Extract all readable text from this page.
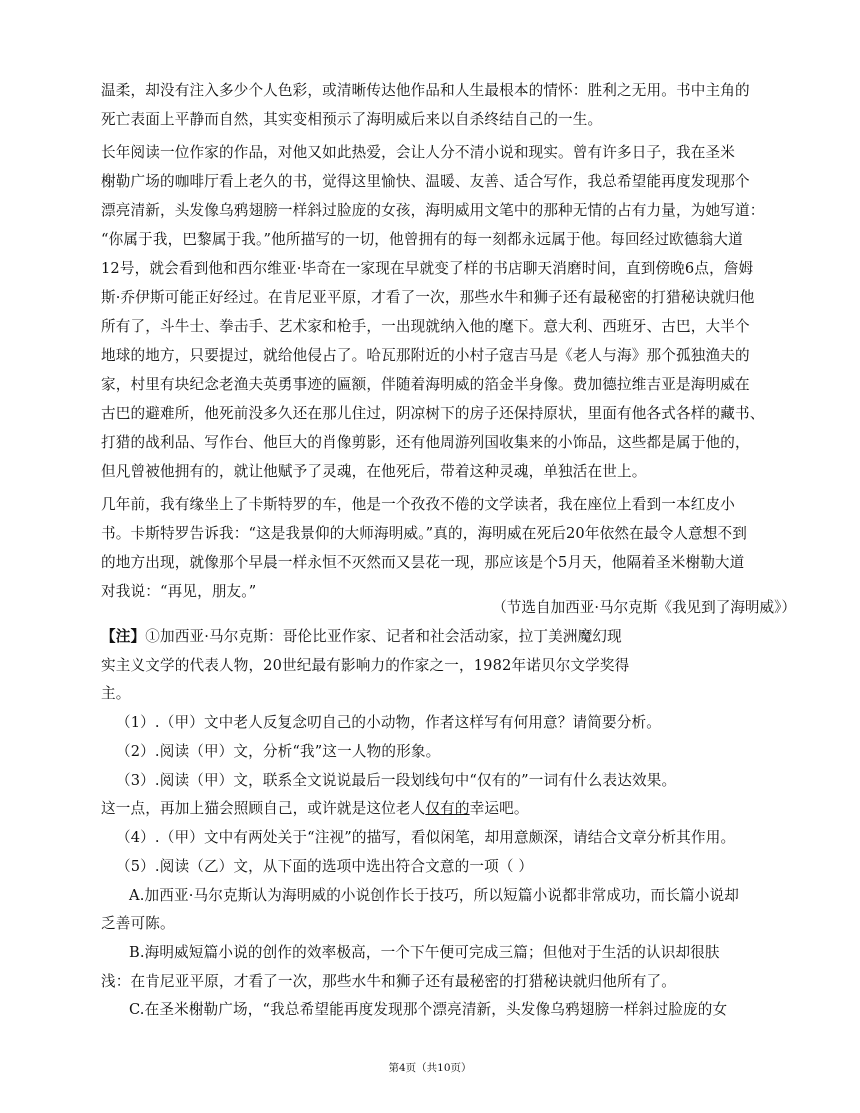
温柔，却没有注入多少个人色彩，或清晰传达他作品和人生最根本的情怀：胜利之无用。书中主角的
死亡表面上平静而自然，其实变相预示了海明威后来以自杀终结自己的一生。
长年阅读一位作家的作品，对他又如此热爱，会让人分不清小说和现实。曾有许多日子，我在圣米
榭勒广场的咖啡厅看上老久的书，觉得这里愉快、温暖、友善、适合写作，我总希望能再度发现那个
漂亮清新，头发像乌鸦翅膀一样斜过脸庞的女孩，海明威用文笔中的那种无情的占有力量，为她写道：
“你属于我，巴黎属于我。”他所描写的一切，他曾拥有的每一刻都永远属于他。每回经过欧德翁大道
12号，就会看到他和西尔维亚·毕奇在一家现在早就变了样的书店聊天消磨时间，直到傍晚6点，詹姆
斯·乔伊斯可能正好经过。在肯尼亚平原，才看了一次，那些水牛和狮子还有最秘密的打猎秘诀就归他
所有了，斗牛士、拳击手、艺术家和枪手，一出现就纳入他的麾下。意大利、西班牙、古巴，大半个
地球的地方，只要提过，就给他侵占了。哈瓦那附近的小村子寇吉马是《老人与海》那个孤独渔夫的
家，村里有块纪念老渔夫英勇事迹的匾额，伴随着海明威的箔金半身像。费加德拉维吉亚是海明威在
古巴的避难所，他死前没多久还在那儿住过，阴凉树下的房子还保持原状，里面有他各式各样的藏书、
打猎的战利品、写作台、他巨大的肖像剪影，还有他周游列国收集来的小饰品，这些都是属于他的，
但凡曾被他拥有的，就让他赋予了灵魂，在他死后，带着这种灵魂，单独活在世上。
几年前，我有缘坐上了卡斯特罗的车，他是一个孜孜不倦的文学读者，我在座位上看到一本红皮小
书。卡斯特罗告诉我：“这是我景仰的大师海明威。”真的，海明威在死后20年依然在最令人意想不到
的地方出现，就像那个早晨一样永恒不灭然而又昙花一现，那应该是个5月天，他隔着圣米榭勒大道
对我说：“再见，朋友。”
（节选自加西亚·马尔克斯《我见到了海明威》）
【注】①加西亚·马尔克斯：哥伦比亚作家、记者和社会活动家，拉丁美洲魔幻现
实主义文学的代表人物，20世纪最有影响力的作家之一，1982年诺贝尔文学奖得
主。
（1）.（甲）文中老人反复念叨自己的小动物，作者这样写有何用意？请简要分析。
（2）.阅读（甲）文，分析“我”这一人物的形象。
（3）.阅读（甲）文，联系全文说说最后一段划线句中“仅有的”一词有什么表达效果。
这一点，再加上猫会照顾自己，或许就是这位老人仅有的幸运吧。
（4）.（甲）文中有两处关于“注视”的描写，看似闲笔，却用意颇深，请结合文章分析其作用。
（5）.阅读（乙）文，从下面的选项中选出符合文意的一项（ ）
A.加西亚·马尔克斯认为海明威的小说创作长于技巧，所以短篇小说都非常成功，而长篇小说却
乏善可陈。
B.海明威短篇小说的创作的效率极高，一个下午便可完成三篇；但他对于生活的认识却很肤
浅：在肯尼亚平原，才看了一次，那些水牛和狮子还有最秘密的打猎秘诀就归他所有了。
C.在圣米榭勒广场，“我总希望能再度发现那个漂亮清新，头发像乌鸦翅膀一样斜过脸庞的女
第4页（共10页）
